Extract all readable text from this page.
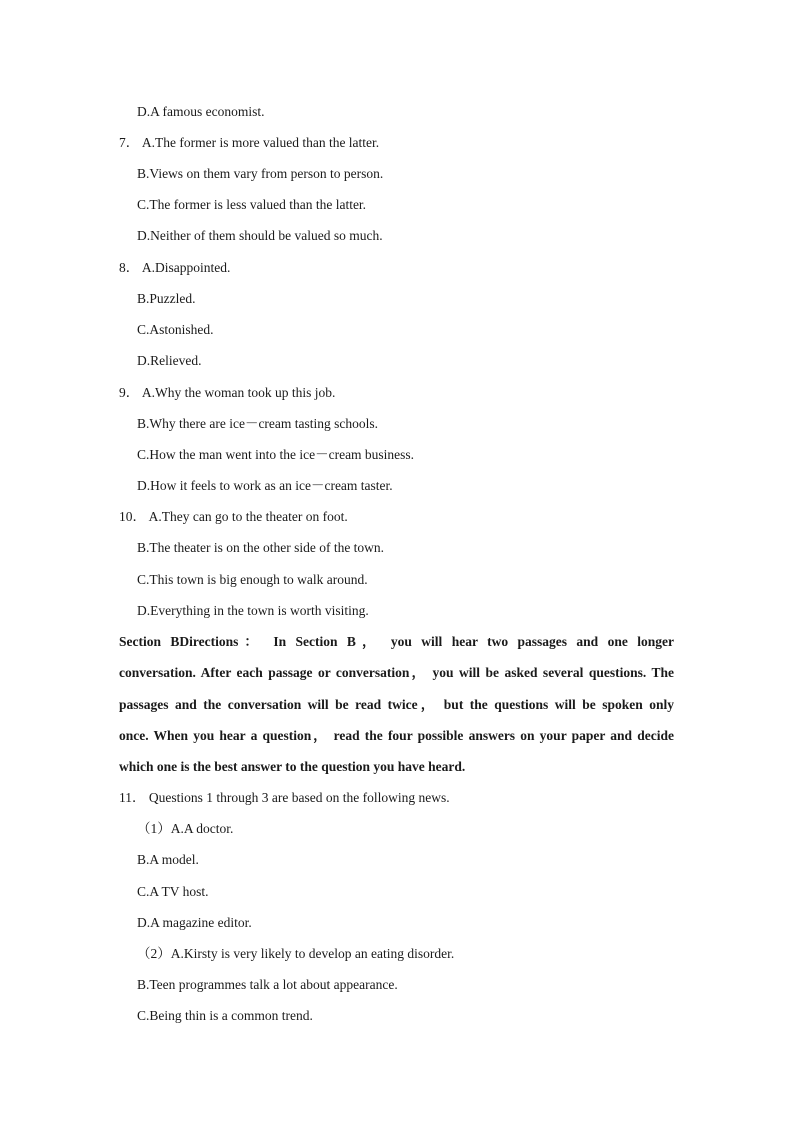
D.A famous economist.
7． A.The former is more valued than the latter.
B.Views on them vary from person to person.
C.The former is less valued than the latter.
D.Neither of them should be valued so much.
8． A.Disappointed.
B.Puzzled.
C.Astonished.
D.Relieved.
9． A.Why the woman took up this job.
B.Why there are ice－cream tasting schools.
C.How the man went into the ice－cream business.
D.How it feels to work as an ice－cream taster.
10． A.They can go to the theater on foot.
B.The theater is on the other side of the town.
C.This town is big enough to walk around.
D.Everything in the town is worth visiting.
Section BDirections： In Section B， you will hear two passages and one longer
conversation. After each passage or conversation， you will be asked several questions. The
passages and the conversation will be read twice， but the questions will be spoken only
once. When you hear a question， read the four possible answers on your paper and decide
which one is the best answer to the question you have heard.
11． Questions 1 through 3 are based on the following news.
（1）A.A doctor.
B.A model.
C.A TV host.
D.A magazine editor.
（2）A.Kirsty is very likely to develop an eating disorder.
B.Teen programmes talk a lot about appearance.
C.Being thin is a common trend.
